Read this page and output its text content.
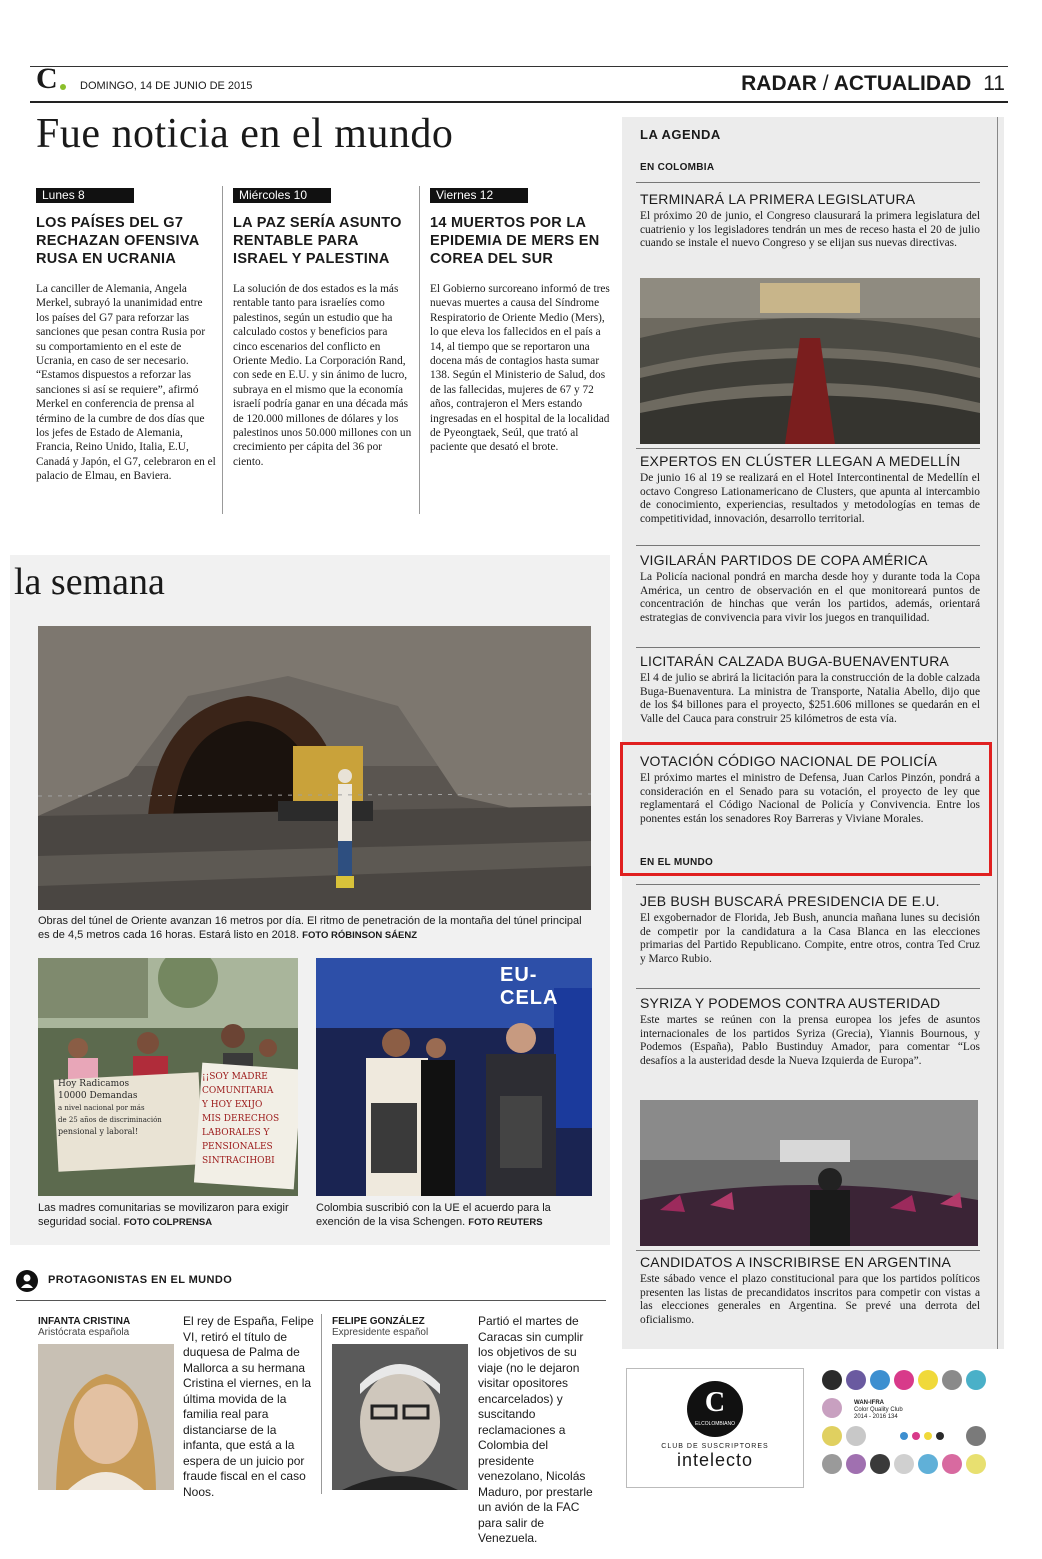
C DOMINGO, 14 DE JUNIO DE 2015	RADAR / ACTUALIDAD 11
Fue noticia en el mundo
Lunes 8
LOS PAÍSES DEL G7 RECHAZAN OFENSIVA RUSA EN UCRANIA

La canciller de Alemania, Angela Merkel, subrayó la unanimidad entre los países del G7 para reforzar las sanciones que pesan contra Rusia por su comportamiento en el este de Ucrania, en caso de ser necesario. “Estamos dispuestos a reforzar las sanciones si así se requiere”, afirmó Merkel en conferencia de prensa al término de la cumbre de dos días que los jefes de Estado de Alemania, Francia, Reino Unido, Italia, E.U, Canadá y Japón, el G7, celebraron en el palacio de Elmau, en Baviera.

Miércoles 10
LA PAZ SERÍA ASUNTO RENTABLE PARA ISRAEL Y PALESTINA

La solución de dos estados es la más rentable tanto para israelíes como palestinos, según un estudio que ha calculado costos y beneficios para cinco escenarios del conflicto en Oriente Medio. La Corporación Rand, con sede en E.U. y sin ánimo de lucro, subraya en el mismo que la economía israelí podría ganar en una década más de 120.000 millones de dólares y los palestinos unos 50.000 millones con un crecimiento per cápita del 36 por ciento.

Viernes 12
14 MUERTOS POR LA EPIDEMIA DE MERS EN COREA DEL SUR

El Gobierno surcoreano informó de tres nuevas muertes a causa del Síndrome Respiratorio de Oriente Medio (Mers), lo que eleva los fallecidos en el país a 14, al tiempo que se reportaron una docena más de contagios hasta sumar 138. Según el Ministerio de Salud, dos de las fallecidas, mujeres de 67 y 72 años, contrajeron el Mers estando ingresadas en el hospital de la localidad de Pyeongtaek, Seúl, que trató al paciente que desató el brote.

la semana
Obras del túnel de Oriente avanzan 16 metros por día. El ritmo de penetración de la montaña del túnel principal es de 4,5 metros cada 16 horas. Estará listo en 2018. FOTO RÓBINSON SÁENZ
Hoy Radicamos
10000 Demandas
a nivel nacional por más
de 25 años de discriminación
pensional y laboral!
¡¡SOY MADRE
COMUNITARIA
Y HOY EXIJO
MIS DERECHOS
LABORALES Y
PENSIONALES
SINTRACIHOBI
Las madres comunitarias se movilizaron para exigir seguridad social. FOTO COLPRENSA
EU-CELA
Colombia suscribió con la UE el acuerdo para la exención de la visa Schengen. FOTO REUTERS
PROTAGONISTAS EN EL MUNDO
INFANTA CRISTINA
Aristócrata española
El rey de España, Felipe VI, retiró el título de duquesa de Palma de Mallorca a su hermana Cristina el viernes, en la última movida de la familia real para distanciarse de la infanta, que está a la espera de un juicio por fraude fiscal en el caso Noos.
FELIPE GONZÁLEZ
Expresidente español
Partió el martes de Caracas sin cumplir los objetivos de su viaje (no le dejaron visitar opositores encarcelados) y suscitando reclamaciones a Colombia del presidente venezolano, Nicolás Maduro, por prestarle un avión de la FAC para salir de Venezuela.
LA AGENDA
EN COLOMBIA
TERMINARÁ LA PRIMERA LEGISLATURA

El próximo 20 de junio, el Congreso clausurará la primera legislatura del cuatrienio y los legisladores tendrán un mes de receso hasta el 20 de julio cuando se instale el nuevo Congreso y se elijan sus nuevas directivas.

EXPERTOS EN CLÚSTER LLEGAN A MEDELLÍN

De junio 16 al 19 se realizará en el Hotel Intercontinental de Medellín el octavo Congreso Lationamericano de Clusters, que apunta al intercambio de conocimiento, experiencias, resultados y metodologías en temas de competitividad, innovación, desarrollo territorial.

VIGILARÁN PARTIDOS DE COPA AMÉRICA

La Policía nacional pondrá en marcha desde hoy y durante toda la Copa América, un centro de observación en el que monitoreará puntos de concentración de hinchas que verán los partidos, además, orientará estrategias de convivencia para vivir los juegos en tranquilidad.

LICITARÁN CALZADA BUGA-BUENAVENTURA

El 4 de julio se abrirá la licitación para la construcción de la doble calzada Buga-Buenaventura. La ministra de Transporte, Natalia Abello, dijo que de los $4 billones para el proyecto, $251.606 millones se quedarán en el Valle del Cauca para construir 25 kilómetros de esta vía.

VOTACIÓN CÓDIGO NACIONAL DE POLICÍA

El próximo martes el ministro de Defensa, Juan Carlos Pinzón, pondrá a consideración en el Senado para su votación, el proyecto de ley que reglamentará el Código Nacional de Policía y Convivencia. Entre los ponentes están los senadores Roy Barreras y Viviane Morales.

EN EL MUNDO
JEB BUSH BUSCARÁ PRESIDENCIA DE E.U.

El exgobernador de Florida, Jeb Bush, anuncia mañana lunes su decisión de competir por la candidatura a la Casa Blanca en las elecciones primarias del Partido Republicano. Compite, entre otros, contra Ted Cruz y Marco Rubio.

SYRIZA Y PODEMOS CONTRA AUSTERIDAD

Este martes se reúnen con la prensa europea los jefes de asuntos internacionales de los partidos Syriza (Grecia), Yiannis Bournous, y Podemos (España), Pablo Bustinduy Amador, para comentar “Los desafíos a la austeridad desde la Nueva Izquierda de Europa”.

CANDIDATOS A INSCRIBIRSE EN ARGENTINA

Este sábado vence el plazo constitucional para que los partidos políticos presenten las listas de precandidatos inscritos para competir con vistas a las elecciones generales en Argentina. Se prevé una derrota del oficialismo.

C
ELCOLOMBIANO
CLUB DE SUSCRIPTORES
intelecto
WAN-IFRA
Color Quality Club
2014 - 2016 134
